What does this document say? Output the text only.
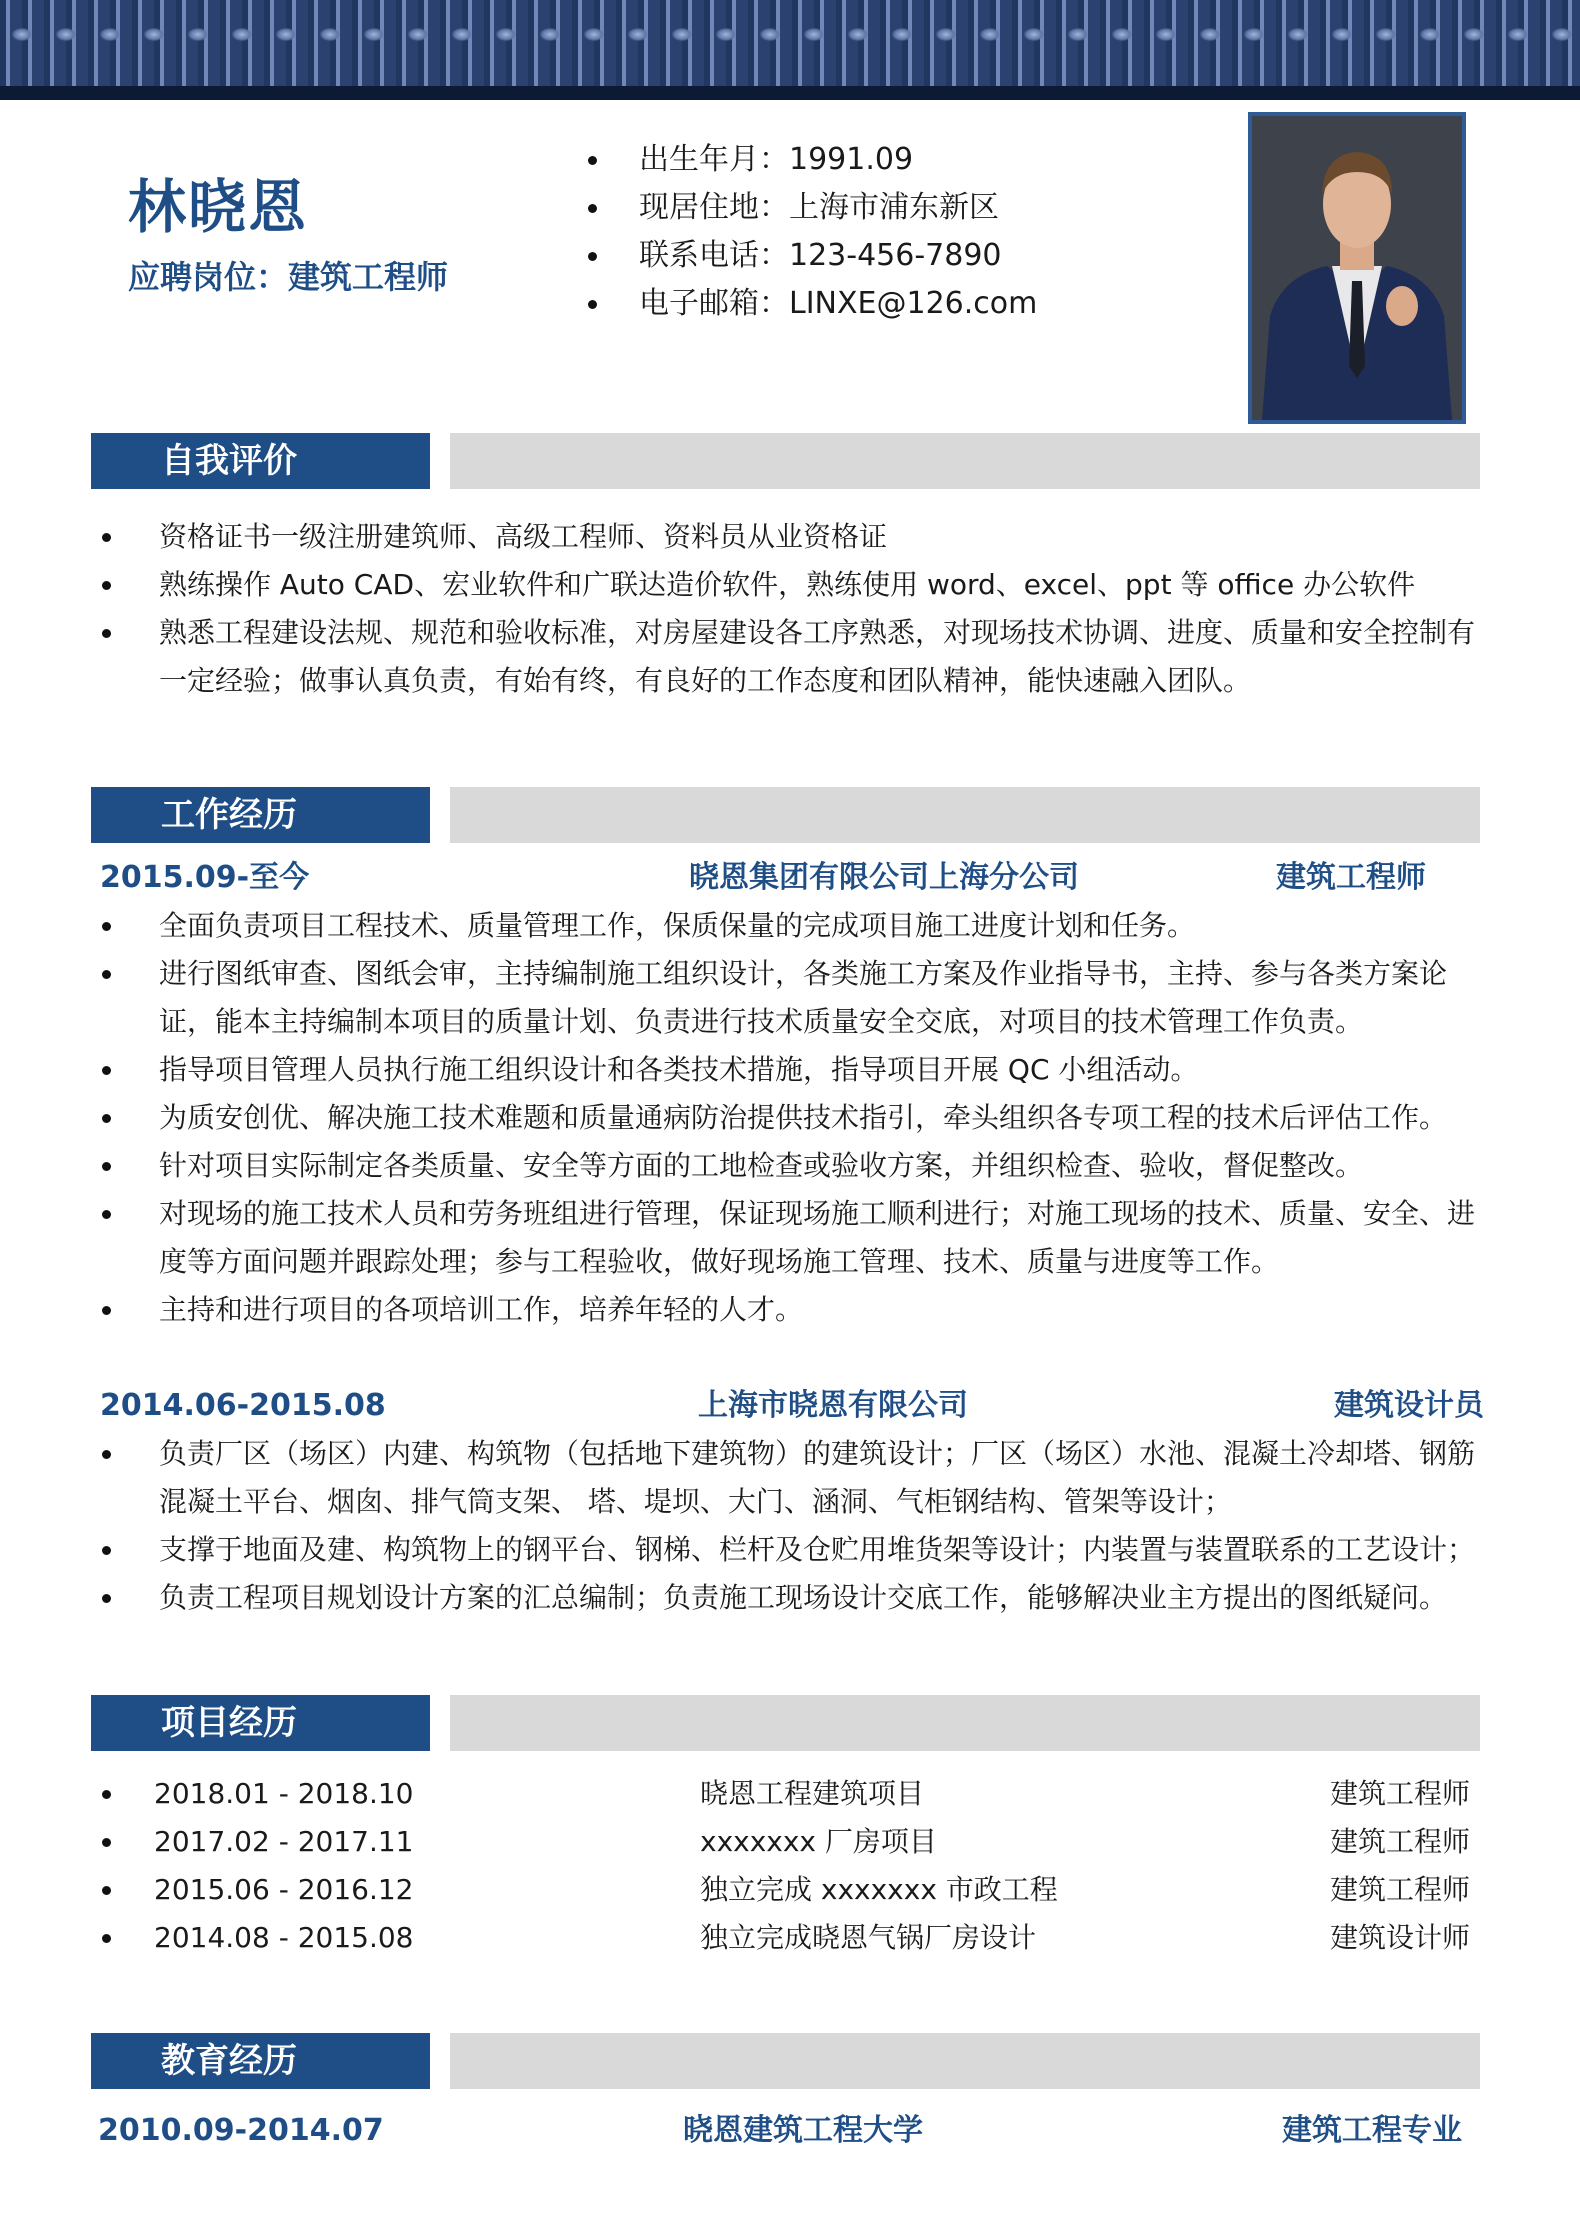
林晓恩
应聘岗位：建筑工程师
出生年月：1991.09
现居住地：上海市浦东新区
联系电话：123-456-7890
电子邮箱：LINXE@126.com
自我评价
资格证书一级注册建筑师、高级工程师、资料员从业资格证
熟练操作 Auto CAD、宏业软件和广联达造价软件，熟练使用 word、excel、ppt 等 office 办公软件
熟悉工程建设法规、规范和验收标准，对房屋建设各工序熟悉，对现场技术协调、进度、质量和安全控制有一定经验；做事认真负责，有始有终，有良好的工作态度和团队精神，能快速融入团队。
工作经历
2015.09-至今	晓恩集团有限公司上海分公司	建筑工程师
全面负责项目工程技术、质量管理工作，保质保量的完成项目施工进度计划和任务。
进行图纸审查、图纸会审，主持编制施工组织设计，各类施工方案及作业指导书，主持、参与各类方案论证，能本主持编制本项目的质量计划、负责进行技术质量安全交底，对项目的技术管理工作负责。
指导项目管理人员执行施工组织设计和各类技术措施，指导项目开展 QC 小组活动。
为质安创优、解决施工技术难题和质量通病防治提供技术指引，牵头组织各专项工程的技术后评估工作。
针对项目实际制定各类质量、安全等方面的工地检查或验收方案，并组织检查、验收，督促整改。
对现场的施工技术人员和劳务班组进行管理，保证现场施工顺利进行；对施工现场的技术、质量、安全、进度等方面问题并跟踪处理；参与工程验收，做好现场施工管理、技术、质量与进度等工作。
主持和进行项目的各项培训工作，培养年轻的人才。
2014.06-2015.08	上海市晓恩有限公司	建筑设计员
负责厂区（场区）内建、构筑物（包括地下建筑物）的建筑设计；厂区（场区）水池、混凝土冷却塔、钢筋混凝土平台、烟囱、排气筒支架、 塔、堤坝、大门、涵洞、气柜钢结构、管架等设计；
支撑于地面及建、构筑物上的钢平台、钢梯、栏杆及仓贮用堆货架等设计；内装置与装置联系的工艺设计；
负责工程项目规划设计方案的汇总编制；负责施工现场设计交底工作，能够解决业主方提出的图纸疑问。
项目经历
2018.01 - 2018.10	晓恩工程建筑项目	建筑工程师
2017.02 - 2017.11	xxxxxxx 厂房项目	建筑工程师
2015.06 - 2016.12	独立完成 xxxxxxx 市政工程	建筑工程师
2014.08 - 2015.08	独立完成晓恩气锅厂房设计	建筑设计师
教育经历
2010.09-2014.07	晓恩建筑工程大学	建筑工程专业
